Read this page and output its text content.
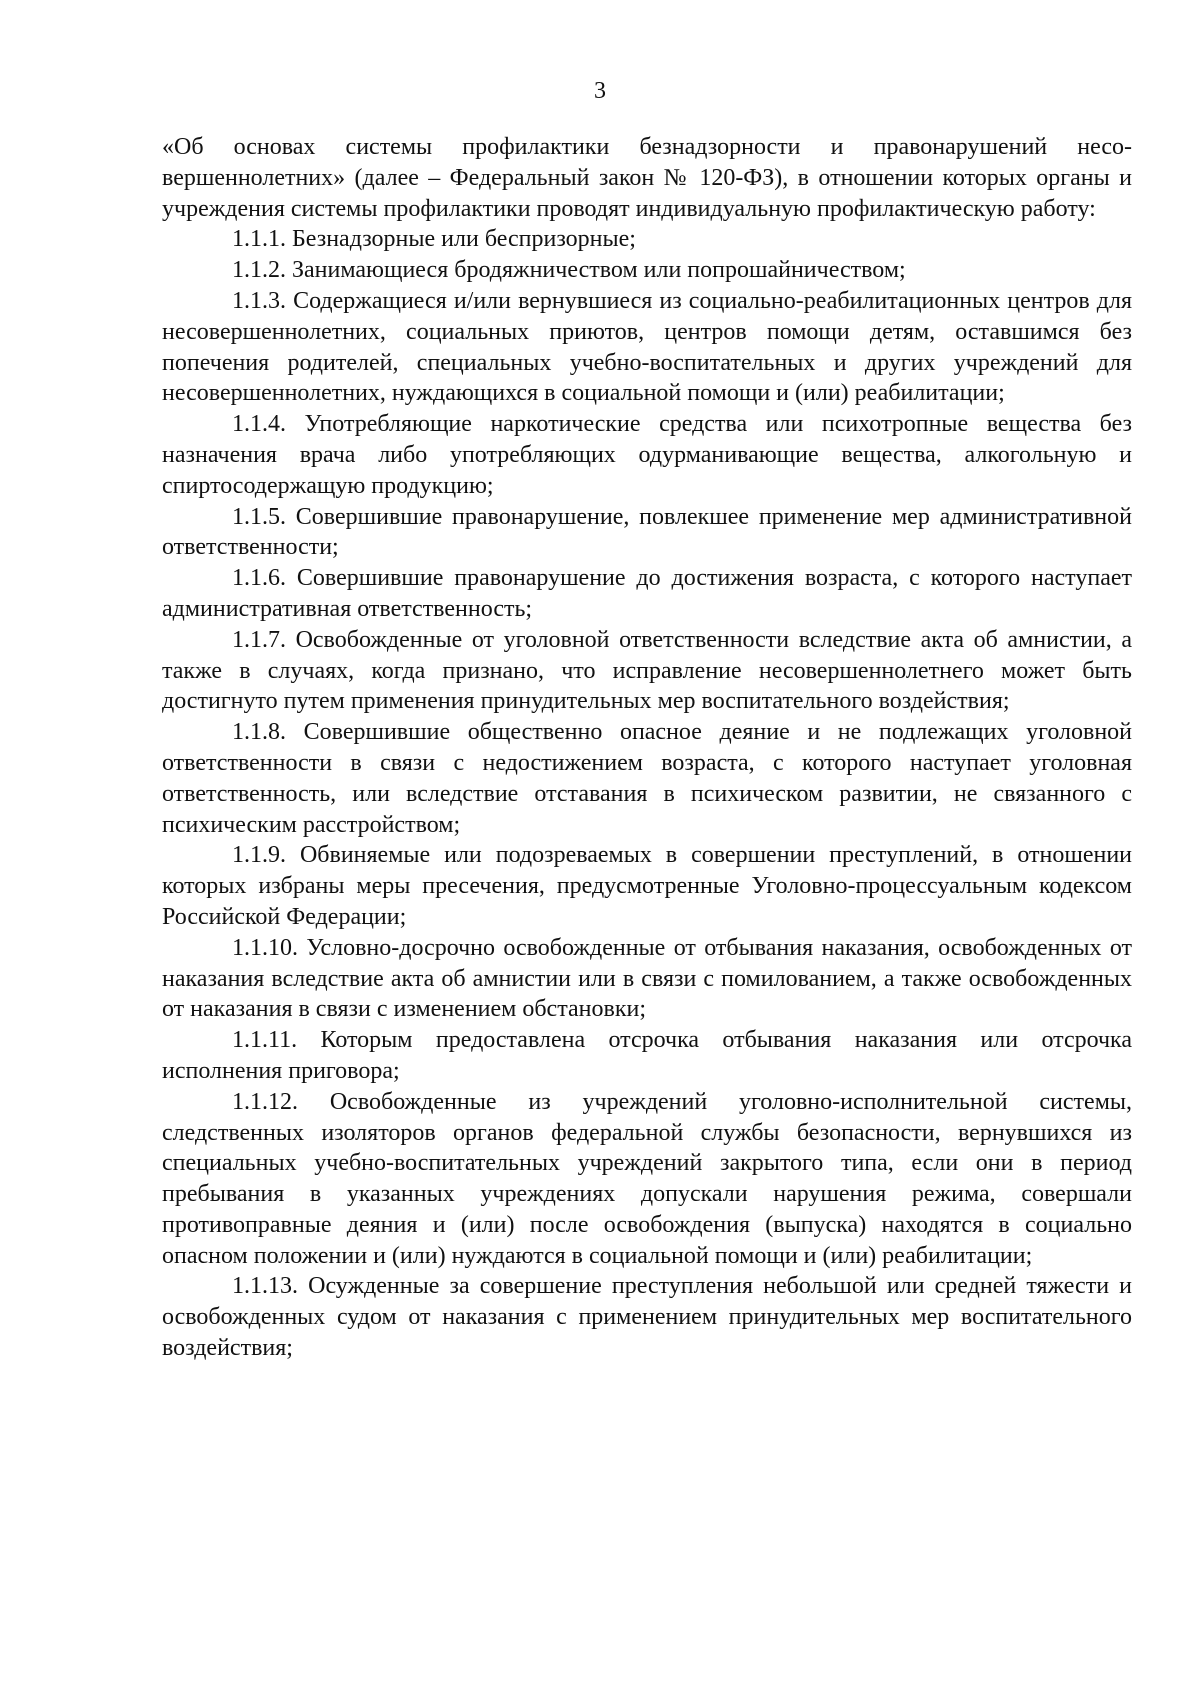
3

«Об основах системы профилактики безнадзорности и правонарушений несовершеннолетних» (далее – Федеральный закон № 120-ФЗ), в отношении которых органы и учреждения системы профилактики проводят индивидуальную профилактическую работу:

1.1.1. Безнадзорные или беспризорные;

1.1.2. Занимающиеся бродяжничеством или попрошайничеством;

1.1.3. Содержащиеся и/или вернувшиеся из социально-реабилитационных центров для несовершеннолетних, социальных приютов, центров помощи детям, оставшимся без попечения родителей, специальных учебно-воспитательных и других учреждений для несовершеннолетних, нуждающихся в социальной помощи и (или) реабилитации;

1.1.4. Употребляющие наркотические средства или психотропные вещества без назначения врача либо употребляющих одурманивающие вещества, алкогольную и спиртосодержащую продукцию;

1.1.5. Совершившие правонарушение, повлекшее применение мер административной ответственности;

1.1.6. Совершившие правонарушение до достижения возраста, с которого наступает административная ответственность;

1.1.7. Освобожденные от уголовной ответственности вследствие акта об амнистии, а также в случаях, когда признано, что исправление несовершеннолетнего может быть достигнуто путем применения принудительных мер воспитательного воздействия;

1.1.8. Совершившие общественно опасное деяние и не подлежащих уголовной ответственности в связи с недостижением возраста, с которого наступает уголовная ответственность, или вследствие отставания в психическом развитии, не связанного с психическим расстройством;

1.1.9. Обвиняемые или подозреваемых в совершении преступлений, в отношении которых избраны меры пресечения, предусмотренные Уголовно-процессуальным кодексом Российской Федерации;

1.1.10. Условно-досрочно освобожденные от отбывания наказания, освобожденных от наказания вследствие акта об амнистии или в связи с помилованием, а также освобожденных от наказания в связи с изменением обстановки;

1.1.11. Которым предоставлена отсрочка отбывания наказания или отсрочка исполнения приговора;

1.1.12. Освобожденные из учреждений уголовно-исполнительной системы, следственных изоляторов органов федеральной службы безопасности, вернувшихся из специальных учебно-воспитательных учреждений закрытого типа, если они в период пребывания в указанных учреждениях допускали нарушения режима, совершали противоправные деяния и (или) после освобождения (выпуска) находятся в социально опасном положении и (или) нуждаются в социальной помощи и (или) реабилитации;

1.1.13. Осужденные за совершение преступления небольшой или средней тяжести и освобожденных судом от наказания с применением принудительных мер воспитательного воздействия;
